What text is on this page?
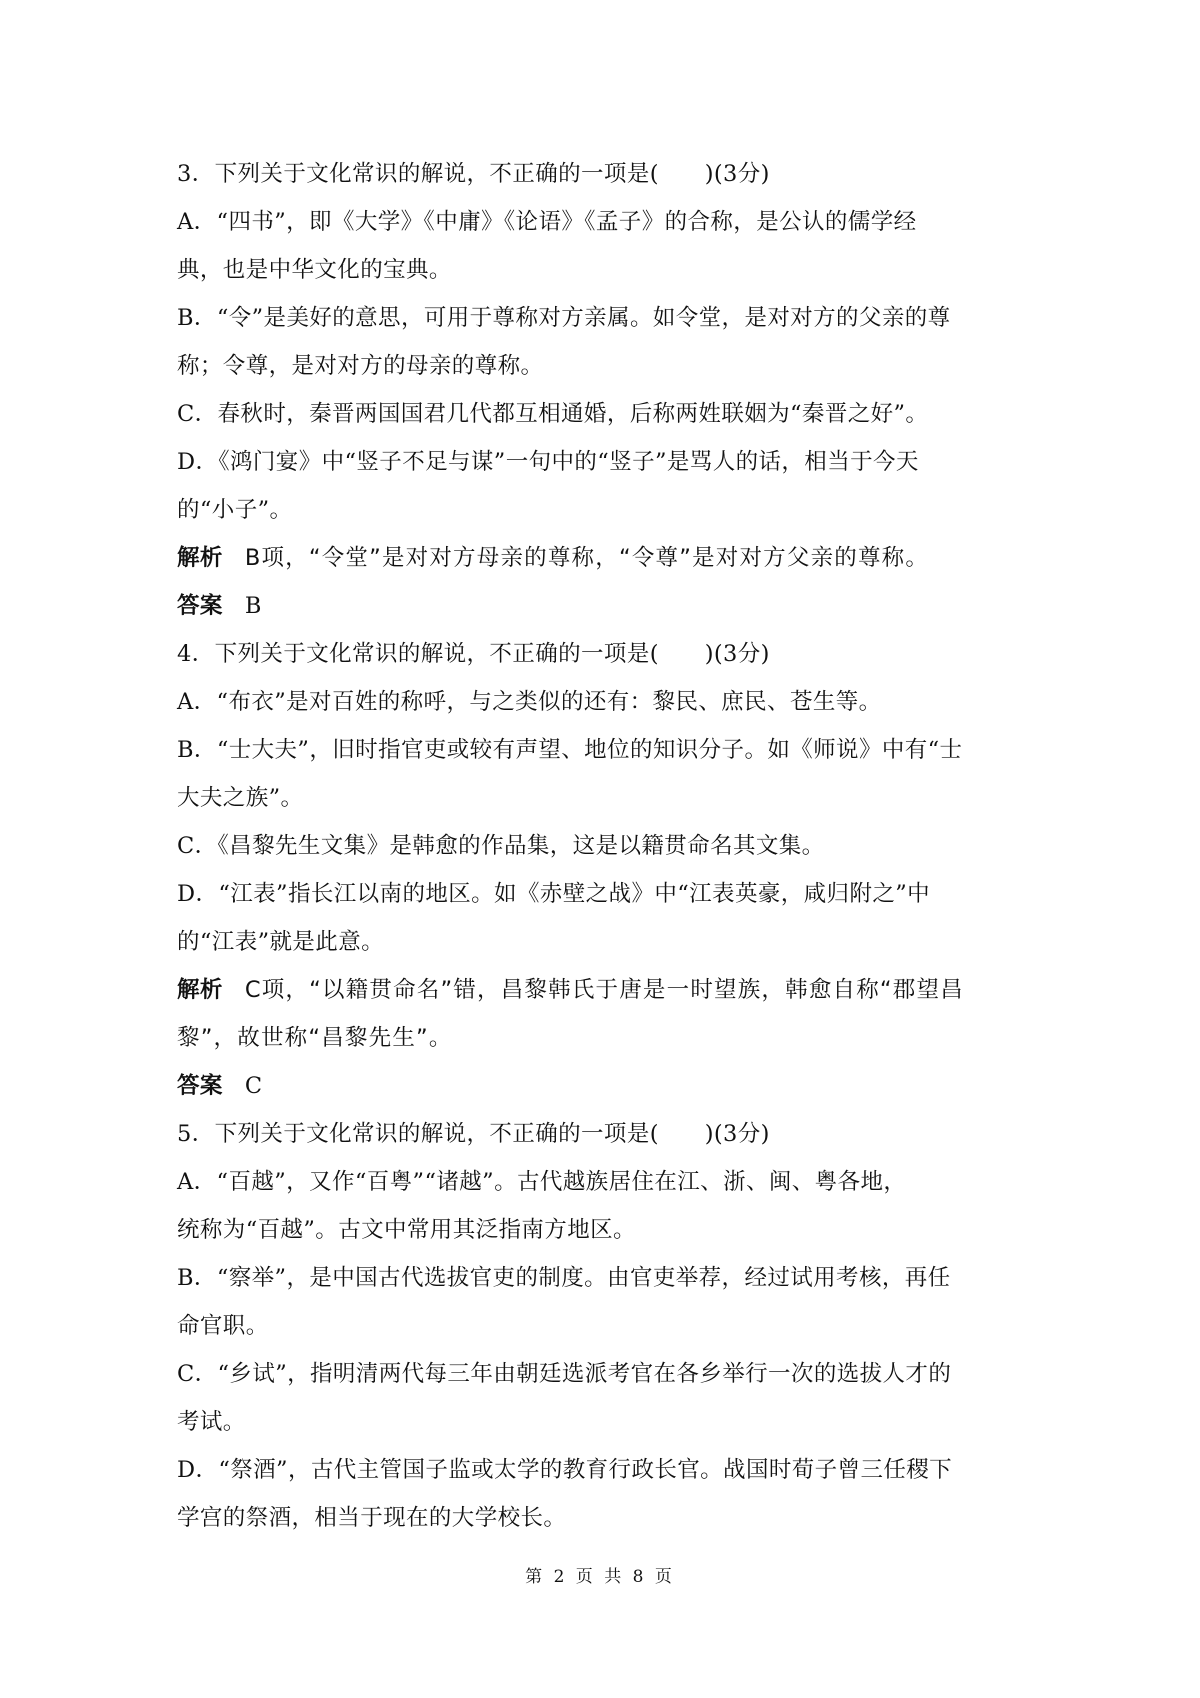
3．下列关于文化常识的解说，不正确的一项是(　　)(3分)
A．“四书”，即《大学》《中庸》《论语》《孟子》的合称，是公认的儒学经
典，也是中华文化的宝典。
B．“令”是美好的意思，可用于尊称对方亲属。如令堂，是对对方的父亲的尊
称；令尊，是对对方的母亲的尊称。
C．春秋时，秦晋两国国君几代都互相通婚，后称两姓联姻为“秦晋之好”。
D．《鸿门宴》中“竖子不足与谋”一句中的“竖子”是骂人的话，相当于今天
的“小子”。
解析 B项，“令堂”是对对方母亲的尊称，“令尊”是对对方父亲的尊称。
答案 B
4．下列关于文化常识的解说，不正确的一项是(　　)(3分)
A．“布衣”是对百姓的称呼，与之类似的还有：黎民、庶民、苍生等。
B．“士大夫”，旧时指官吏或较有声望、地位的知识分子。如《师说》中有“士
大夫之族”。
C．《昌黎先生文集》是韩愈的作品集，这是以籍贯命名其文集。
D．“江表”指长江以南的地区。如《赤壁之战》中“江表英豪，咸归附之”中
的“江表”就是此意。
解析 C项，“以籍贯命名”错，昌黎韩氏于唐是一时望族，韩愈自称“郡望昌
黎”，故世称“昌黎先生”。
答案 C
5．下列关于文化常识的解说，不正确的一项是(　　)(3分)
A．“百越”，又作“百粤”“诸越”。古代越族居住在江、浙、闽、粤各地，
统称为“百越”。古文中常用其泛指南方地区。
B．“察举”，是中国古代选拔官吏的制度。由官吏举荐，经过试用考核，再任
命官职。
C．“乡试”，指明清两代每三年由朝廷选派考官在各乡举行一次的选拔人才的
考试。
D．“祭酒”，古代主管国子监或太学的教育行政长官。战国时荀子曾三任稷下
学宫的祭酒，相当于现在的大学校长。
第 2 页 共 8 页
